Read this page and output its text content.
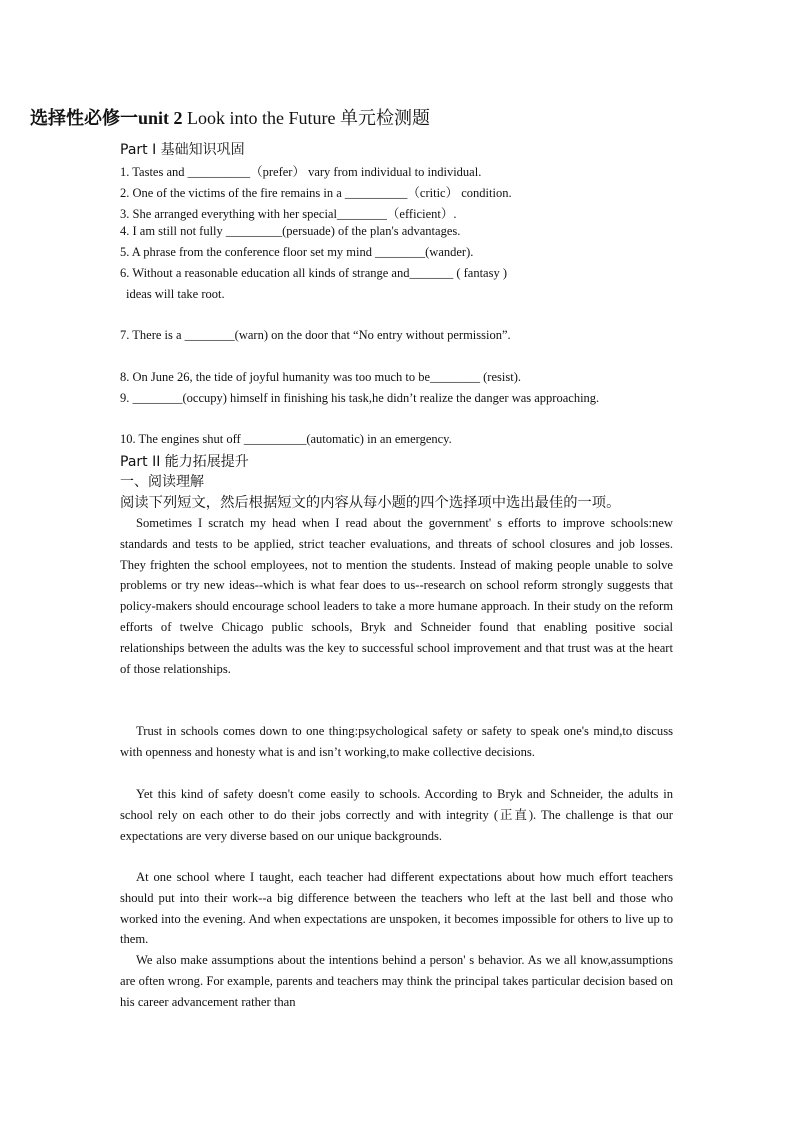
选择性必修一unit 2 Look into the Future 单元检测题
Part I 基础知识巩固
1. Tastes and __________（prefer） vary from individual to individual.
2. One of the victims of the fire remains in a __________（critic） condition.
3. She arranged everything with her special________（efficient）.
4. I am still not fully _________(persuade) of the plan's advantages.
5. A phrase from the conference floor set my mind ________(wander).
6. Without a reasonable education all kinds of strange and_______ ( fantasy )
ideas will take root.
7. There is a ________(warn) on the door that “No entry without permission”.
8. On June 26, the tide of joyful humanity was too much to be________ (resist).
9. ________(occupy) himself in finishing his task,he didn’t realize the danger was approaching.
10. The engines shut off __________(automatic) in an emergency.
Part II 能力拓展提升
一、阅读理解
阅读下列短文，然后根据短文的内容从每小题的四个选择项中选出最佳的一项。
Sometimes I scratch my head when I read about the government' s efforts to improve schools:new standards and tests to be applied, strict teacher evaluations, and threats of school closures and job losses. They frighten the school employees, not to mention the students. Instead of making people unable to solve problems or try new ideas--which is what fear does to us--research on school reform strongly suggests that policy-makers should encourage school leaders to take a more humane approach. In their study on the reform efforts of twelve Chicago public schools, Bryk and Schneider found that enabling positive social relationships between the adults was the key to successful school improvement and that trust was at the heart of those relationships.
Trust in schools comes down to one thing:psychological safety or safety to speak one's mind,to discuss with openness and honesty what is and isn’t working,to make collective decisions.
Yet this kind of safety doesn't come easily to schools. According to Bryk and Schneider, the adults in school rely on each other to do their jobs correctly and with integrity (正直). The challenge is that our expectations are very diverse based on our unique backgrounds.
At one school where I taught, each teacher had different expectations about how much effort teachers should put into their work--a big difference between the teachers who left at the last bell and those who worked into the evening. And when expectations are unspoken, it becomes impossible for others to live up to them.
We also make assumptions about the intentions behind a person' s behavior. As we all know,assumptions are often wrong. For example, parents and teachers may think the principal takes particular decision based on his career advancement rather than
